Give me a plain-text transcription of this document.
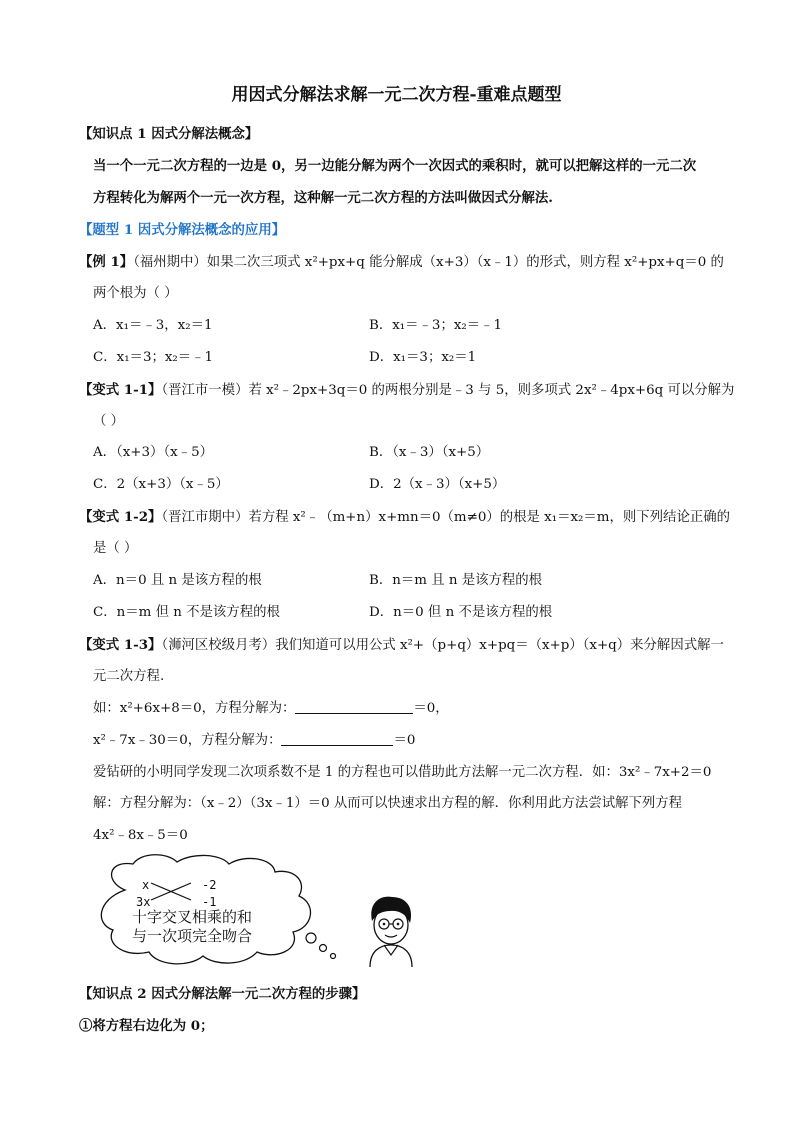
用因式分解法求解一元二次方程-重难点题型
【知识点 1 因式分解法概念】
当一个一元二次方程的一边是 0，另一边能分解为两个一次因式的乘积时，就可以把解这样的一元二次
方程转化为解两个一元一次方程，这种解一元二次方程的方法叫做因式分解法.
【题型 1 因式分解法概念的应用】
【例 1】（福州期中）如果二次三项式 x²+px+q 能分解成（x+3）（x﹣1）的形式，则方程 x²+px+q＝0 的
两个根为（ ）
A．x₁＝﹣3，x₂＝1	B．x₁＝﹣3；x₂＝﹣1
C．x₁＝3；x₂＝﹣1	D．x₁＝3；x₂＝1
【变式 1-1】（晋江市一模）若 x²﹣2px+3q＝0 的两根分别是﹣3 与 5，则多项式 2x²﹣4px+6q 可以分解为
（ ）
A．（x+3）（x﹣5）	B．（x﹣3）（x+5）
C．2（x+3）（x﹣5）	D．2（x﹣3）（x+5）
【变式 1-2】（晋江市期中）若方程 x²﹣（m+n）x+mn＝0（m≠0）的根是 x₁＝x₂＝m，则下列结论正确的
是（ ）
A．n＝0 且 n 是该方程的根	B．n＝m 且 n 是该方程的根
C．n＝m 但 n 不是该方程的根	D．n＝0 但 n 不是该方程的根
【变式 1-3】（浉河区校级月考）我们知道可以用公式 x²+（p+q）x+pq＝（x+p）（x+q）来分解因式解一
元二次方程.
如：x²+6x+8＝0，方程分解为：	＝0，
x²﹣7x﹣30＝0，方程分解为：	＝0
爱钻研的小明同学发现二次项系数不是 1 的方程也可以借助此方法解一元二次方程．如：3x²﹣7x+2＝0
解：方程分解为：（x﹣2）（3x﹣1）＝0 从而可以快速求出方程的解．你利用此方法尝试解下列方程
4x²﹣8x﹣5＝0
x
3x
-2
-1
十字交叉相乘的和
与一次项完全吻合
【知识点 2 因式分解法解一元二次方程的步骤】
①将方程右边化为 0；
